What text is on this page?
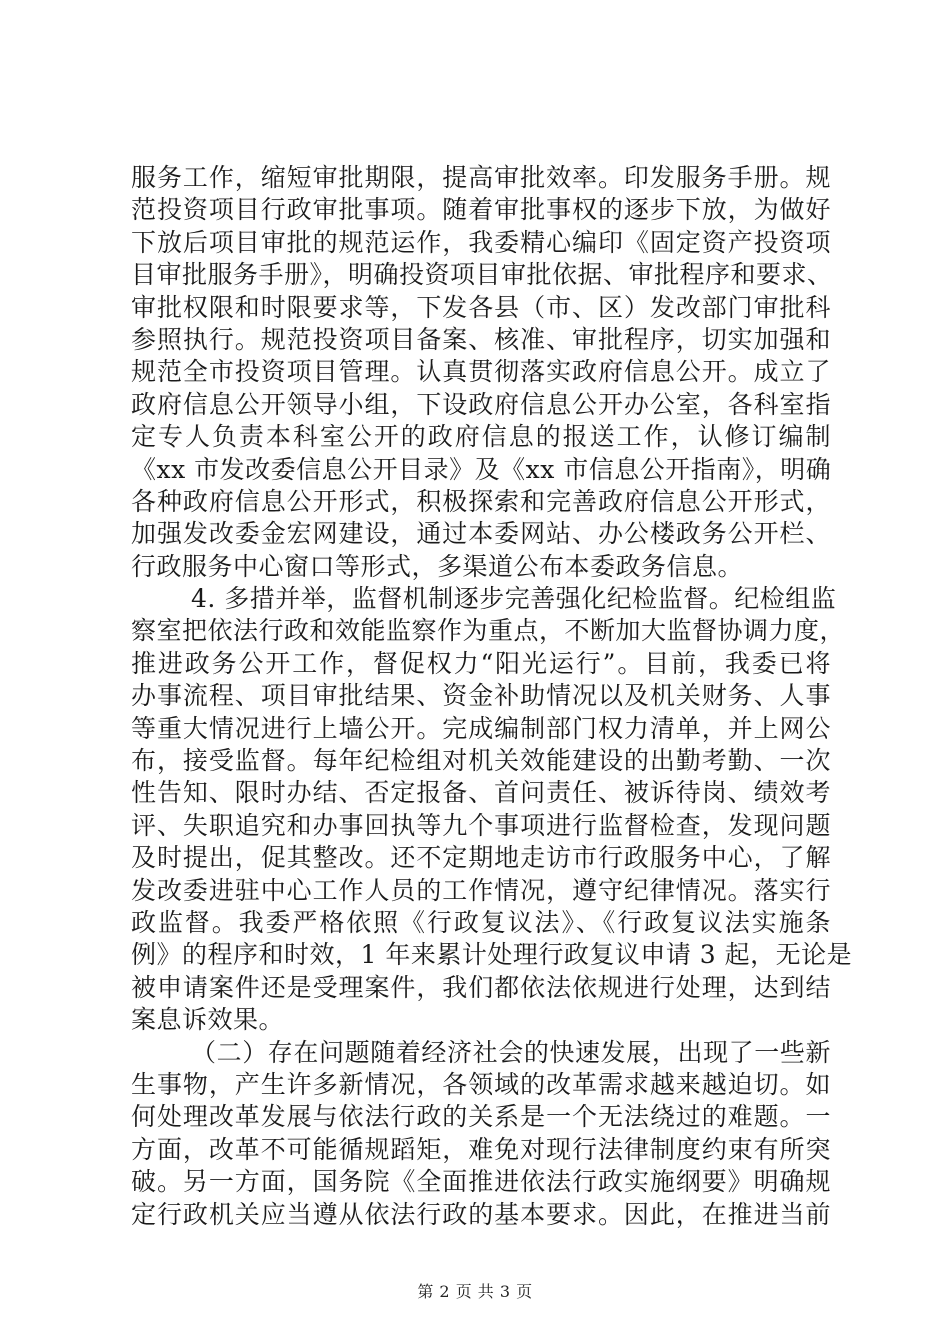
服务工作，缩短审批期限，提高审批效率。印发服务手册。规
范投资项目行政审批事项。随着审批事权的逐步下放，为做好
下放后项目审批的规范运作，我委精心编印《固定资产投资项
目审批服务手册》，明确投资项目审批依据、审批程序和要求、
审批权限和时限要求等，下发各县（市、区）发改部门审批科
参照执行。规范投资项目备案、核准、审批程序，切实加强和
规范全市投资项目管理。认真贯彻落实政府信息公开。成立了
政府信息公开领导小组，下设政府信息公开办公室，各科室指
定专人负责本科室公开的政府信息的报送工作，认修订编制
《xx 市发改委信息公开目录》及《xx 市信息公开指南》，明确
各种政府信息公开形式，积极探索和完善政府信息公开形式，
加强发改委金宏网建设，通过本委网站、办公楼政务公开栏、
行政服务中心窗口等形式，多渠道公布本委政务信息。
4. 多措并举，监督机制逐步完善强化纪检监督。纪检组监
察室把依法行政和效能监察作为重点，不断加大监督协调力度，
推进政务公开工作，督促权力“阳光运行”。目前，我委已将
办事流程、项目审批结果、资金补助情况以及机关财务、人事
等重大情况进行上墙公开。完成编制部门权力清单，并上网公
布，接受监督。每年纪检组对机关效能建设的出勤考勤、一次
性告知、限时办结、否定报备、首问责任、被诉待岗、绩效考
评、失职追究和办事回执等九个事项进行监督检查，发现问题
及时提出，促其整改。还不定期地走访市行政服务中心，了解
发改委进驻中心工作人员的工作情况，遵守纪律情况。落实行
政监督。我委严格依照《行政复议法》、《行政复议法实施条
例》的程序和时效，1 年来累计处理行政复议申请 3 起，无论是
被申请案件还是受理案件，我们都依法依规进行处理，达到结
案息诉效果。
（二）存在问题随着经济社会的快速发展，出现了一些新
生事物，产生许多新情况，各领域的改革需求越来越迫切。如
何处理改革发展与依法行政的关系是一个无法绕过的难题。一
方面，改革不可能循规蹈矩，难免对现行法律制度约束有所突
破。另一方面，国务院《全面推进依法行政实施纲要》明确规
定行政机关应当遵从依法行政的基本要求。因此，在推进当前
第 2 页 共 3 页
